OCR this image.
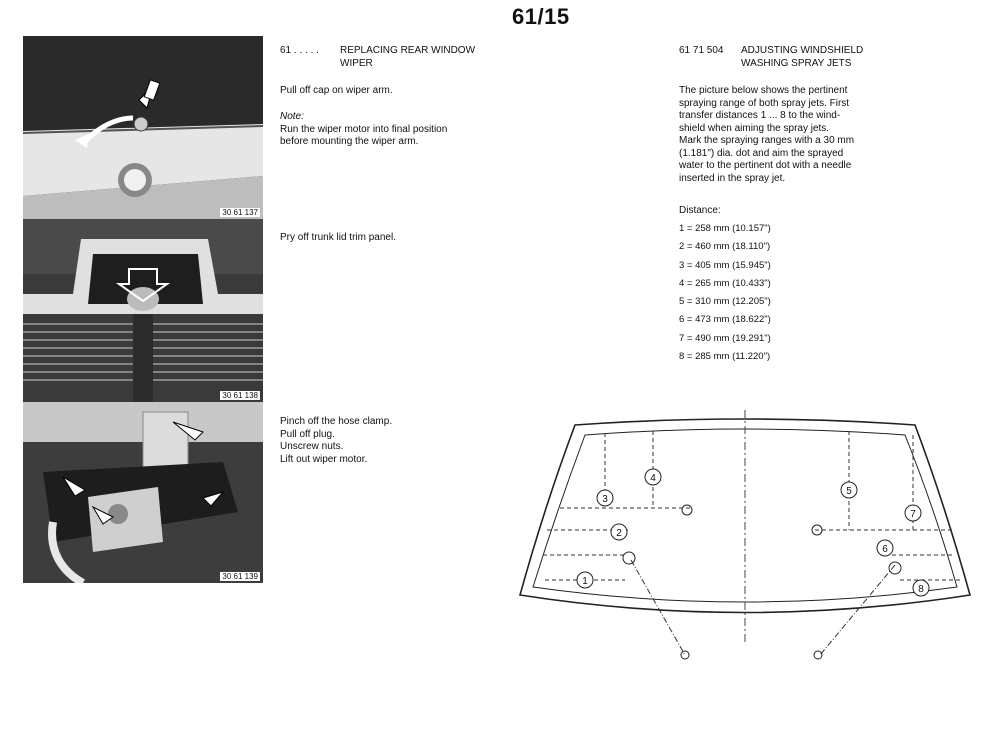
61/15
30 61 137
30 61 138
30 61 139
61 . . . . . REPLACING REAR WINDOW
WIPER
Pull off cap on wiper arm.
Note:
Run the wiper motor into final position
before mounting the wiper arm.
Pry off trunk lid trim panel.
Pinch off the hose clamp.
Pull off plug.
Unscrew nuts.
Lift out wiper motor.
61 71 504 ADJUSTING WINDSHIELD
WASHING SPRAY JETS
The picture below shows the pertinent
spraying range of both spray jets. First
transfer distances 1 ... 8 to the wind-
shield when aiming the spray jets.
Mark the spraying ranges with a 30 mm
(1.181") dia. dot and aim the sprayed
water to the pertinent dot with a needle
inserted in the spray jet.
Distance:
1 = 258 mm (10.157")
2 = 460 mm (18.110")
3 = 405 mm (15.945")
4 = 265 mm (10.433")
5 = 310 mm (12.205")
6 = 473 mm (18.622")
7 = 490 mm (19.291")
8 = 285 mm (11.220")
1
2
3
4
5
6
7
8
